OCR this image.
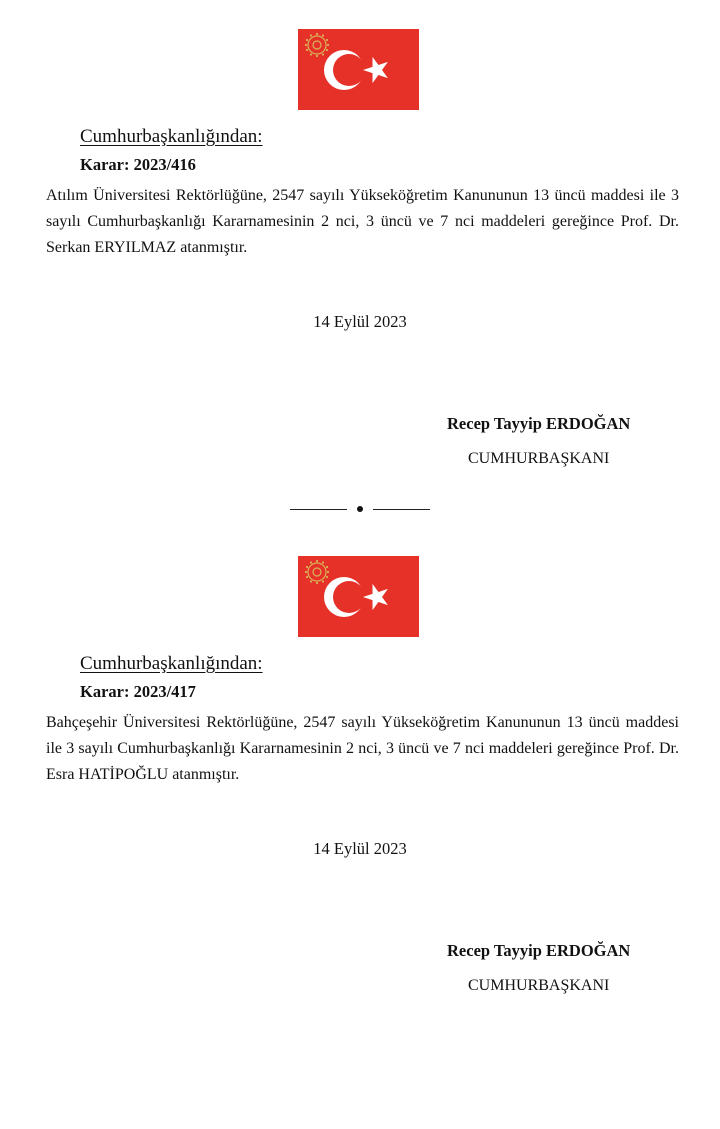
Cumhurbaşkanlığından:
Karar: 2023/416
Atılım Üniversitesi Rektörlüğüne, 2547 sayılı Yükseköğretim Kanununun 13 üncü maddesi ile 3 sayılı Cumhurbaşkanlığı Kararnamesinin 2 nci, 3 üncü ve 7 nci maddeleri gereğince Prof. Dr. Serkan ERYILMAZ atanmıştır.
14 Eylül 2023
Recep Tayyip ERDOĞAN
CUMHURBAŞKANI
Cumhurbaşkanlığından:
Karar: 2023/417
Bahçeşehir Üniversitesi Rektörlüğüne, 2547 sayılı Yükseköğretim Kanununun 13 üncü maddesi ile 3 sayılı Cumhurbaşkanlığı Kararnamesinin 2 nci, 3 üncü ve 7 nci maddeleri gereğince Prof. Dr. Esra HATİPOĞLU atanmıştır.
14 Eylül 2023
Recep Tayyip ERDOĞAN
CUMHURBAŞKANI
